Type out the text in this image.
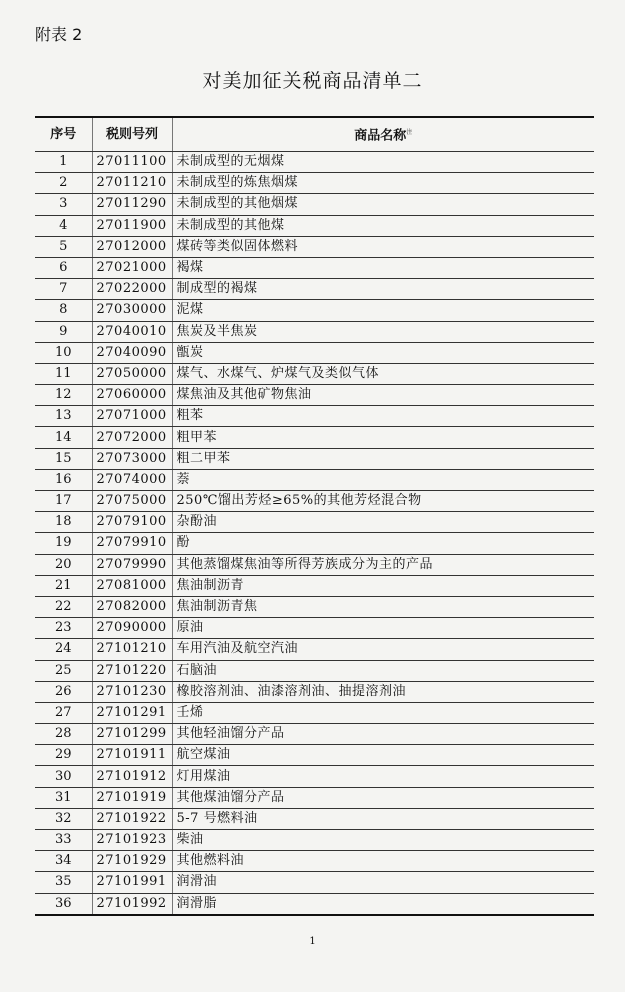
附表 2
对美加征关税商品清单二
序号	税则号列	商品名称$^注$
1	27011100	未制成型的无烟煤
2	27011210	未制成型的炼焦烟煤
3	27011290	未制成型的其他烟煤
4	27011900	未制成型的其他煤
5	27012000	煤砖等类似固体燃料
6	27021000	褐煤
7	27022000	制成型的褐煤
8	27030000	泥煤
9	27040010	焦炭及半焦炭
10	27040090	甑炭
11	27050000	煤气、水煤气、炉煤气及类似气体
12	27060000	煤焦油及其他矿物焦油
13	27071000	粗苯
14	27072000	粗甲苯
15	27073000	粗二甲苯
16	27074000	萘
17	27075000	250℃馏出芳烃≥65%的其他芳烃混合物
18	27079100	杂酚油
19	27079910	酚
20	27079990	其他蒸馏煤焦油等所得芳族成分为主的产品
21	27081000	焦油制沥青
22	27082000	焦油制沥青焦
23	27090000	原油
24	27101210	车用汽油及航空汽油
25	27101220	石脑油
26	27101230	橡胶溶剂油、油漆溶剂油、抽提溶剂油
27	27101291	壬烯
28	27101299	其他轻油馏分产品
29	27101911	航空煤油
30	27101912	灯用煤油
31	27101919	其他煤油馏分产品
32	27101922	5-7 号燃料油
33	27101923	柴油
34	27101929	其他燃料油
35	27101991	润滑油
36	27101992	润滑脂
1
